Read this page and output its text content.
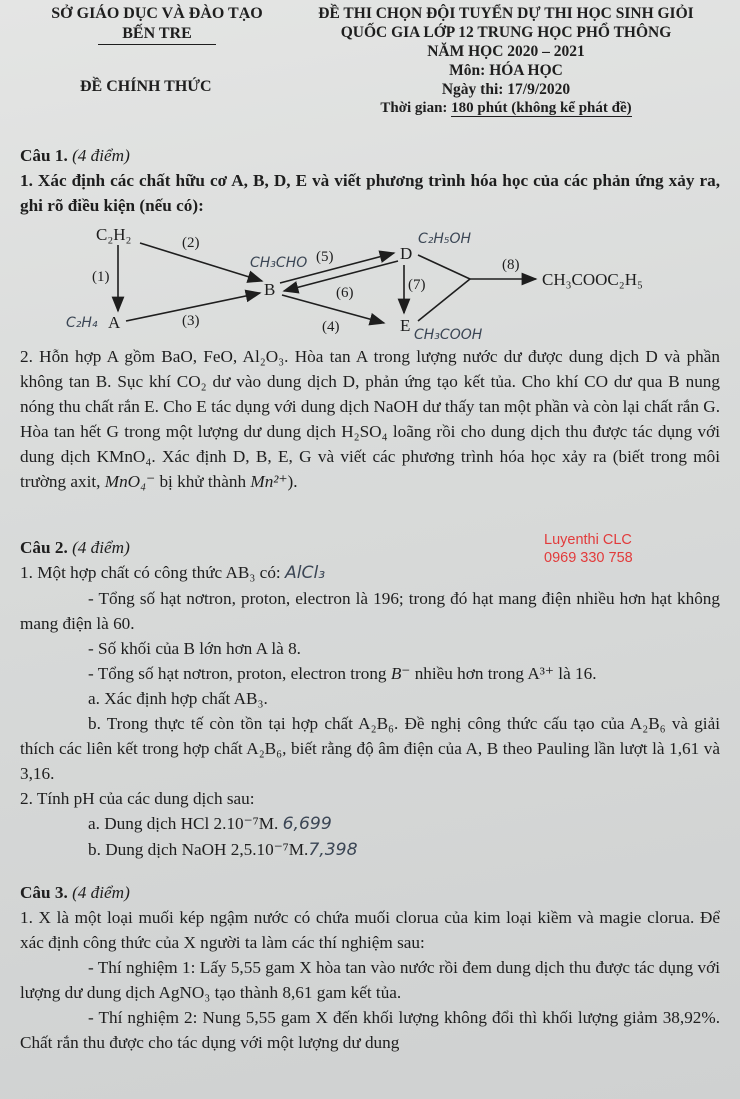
SỞ GIÁO DỤC VÀ ĐÀO TẠO
BẾN TRE
ĐỀ CHÍNH THỨC
ĐỀ THI CHỌN ĐỘI TUYỂN DỰ THI HỌC SINH GIỎI
QUỐC GIA LỚP 12 TRUNG HỌC PHỔ THÔNG
NĂM HỌC 2020 – 2021
Môn: HÓA HỌC
Ngày thi: 17/9/2020
Thời gian: 180 phút (không kể phát đề)
Câu 1. (4 điểm)
1. Xác định các chất hữu cơ A, B, D, E và viết phương trình hóa học của các phản ứng xảy ra, ghi rõ điều kiện (nếu có):
C₂H₂
A
B
D
E
CH₃COOC₂H₅
(1)
(2)
(3)	(4)
(5)
(6)	(7)
(8)
C₂H₄
CH₃CHO
C₂H₅OH
CH₃COOH
2. Hỗn hợp A gồm BaO, FeO, Al₂O₃. Hòa tan A trong lượng nước dư được dung dịch D và phần không tan B. Sục khí CO₂ dư vào dung dịch D, phản ứng tạo kết tủa. Cho khí CO dư qua B nung nóng thu chất rắn E. Cho E tác dụng với dung dịch NaOH dư thấy tan một phần và còn lại chất rắn G. Hòa tan hết G trong một lượng dư dung dịch H₂SO₄ loãng rồi cho dung dịch thu được tác dụng với dung dịch KMnO₄. Xác định D, B, E, G và viết các phương trình hóa học xảy ra (biết trong môi trường axit, MnO₄⁻ bị khử thành Mn²⁺).
Luyenthi CLC
0969 330 758
Câu 2. (4 điểm)
1. Một hợp chất có công thức AB₃ có: AlCl₃
- Tổng số hạt nơtron, proton, electron là 196; trong đó hạt mang điện nhiều hơn hạt không mang điện là 60.
- Số khối của B lớn hơn A là 8.
- Tổng số hạt nơtron, proton, electron trong B⁻ nhiều hơn trong A³⁺ là 16.
a. Xác định hợp chất AB₃.
b. Trong thực tế còn tồn tại hợp chất A₂B₆. Đề nghị công thức cấu tạo của A₂B₆ và giải thích các liên kết trong hợp chất A₂B₆, biết rằng độ âm điện của A, B theo Pauling lần lượt là 1,61 và 3,16.
2. Tính pH của các dung dịch sau:
a. Dung dịch HCl 2.10⁻⁷M. 6,699
b. Dung dịch NaOH 2,5.10⁻⁷M.7,398
Câu 3. (4 điểm)
1. X là một loại muối kép ngậm nước có chứa muối clorua của kim loại kiềm và magie clorua. Để xác định công thức của X người ta làm các thí nghiệm sau:
- Thí nghiệm 1: Lấy 5,55 gam X hòa tan vào nước rồi đem dung dịch thu được tác dụng với lượng dư dung dịch AgNO₃ tạo thành 8,61 gam kết tủa.
- Thí nghiệm 2: Nung 5,55 gam X đến khối lượng không đổi thì khối lượng giảm 38,92%. Chất rắn thu được cho tác dụng với một lượng dư dung
